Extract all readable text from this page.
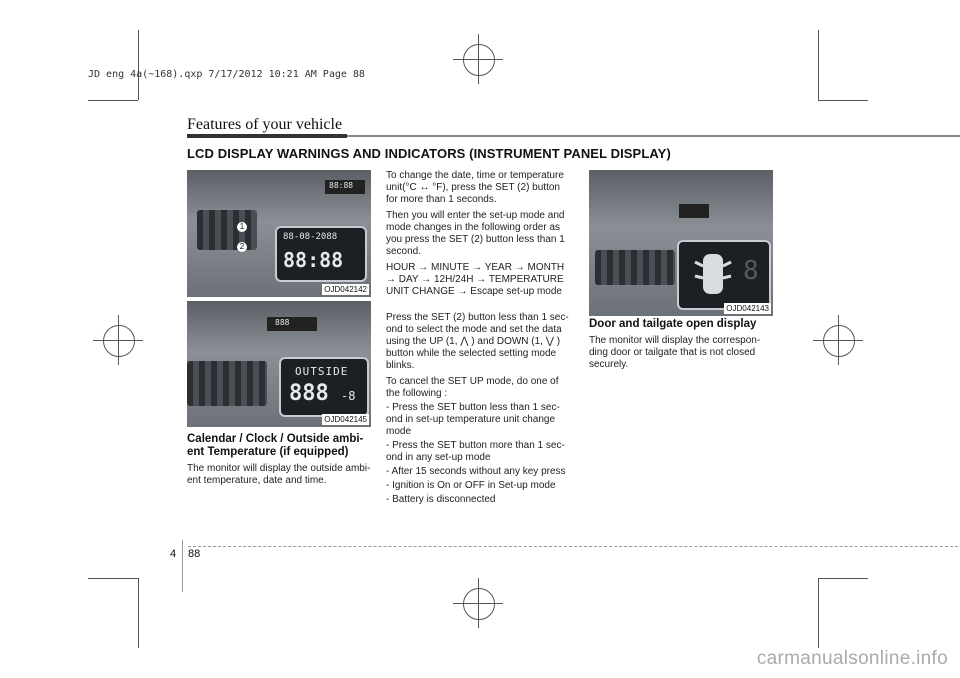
JD eng 4a(~168).qxp 7/17/2012 10:21 AM Page 88
Features of your vehicle
LCD DISPLAY WARNINGS AND INDICATORS (INSTRUMENT PANEL DISPLAY)
88:88
1
2
88-08-2088
88:88
OJD042142
888
OUTSIDE
888 -8
OJD042145

Calendar / Clock / Outside ambi-ent Temperature (if equipped)

The monitor will display the outside ambi-ent temperature, date and time.

To change the date, time or temperature unit(°C ↔ °F), press the SET (2) button for more than 1 seconds.

Then you will enter the set-up mode and mode changes in the following order as you press the SET (2) button less than 1 second.

HOUR → MINUTE → YEAR → MONTH → DAY → 12H/24H → TEMPERATURE UNIT CHANGE → Escape set-up mode

Press the SET (2) button less than 1 sec-ond to select the mode and set the data using the UP (1, ⋀ ) and DOWN (1, ⋁ ) button while the selected setting mode blinks.

To cancel the SET UP mode, do one of the following :

- Press the SET button less than 1 sec-ond in set-up temperature unit change mode

- Press the SET button more than 1 sec-ond in any set-up mode

- After 15 seconds without any key press

- Ignition is On or OFF in Set-up mode

- Battery is disconnected

8
OJD042143

Door and tailgate open display

The monitor will display the correspon-ding door or tailgate that is not closed securely.

4 88
carmanualsonline.info
